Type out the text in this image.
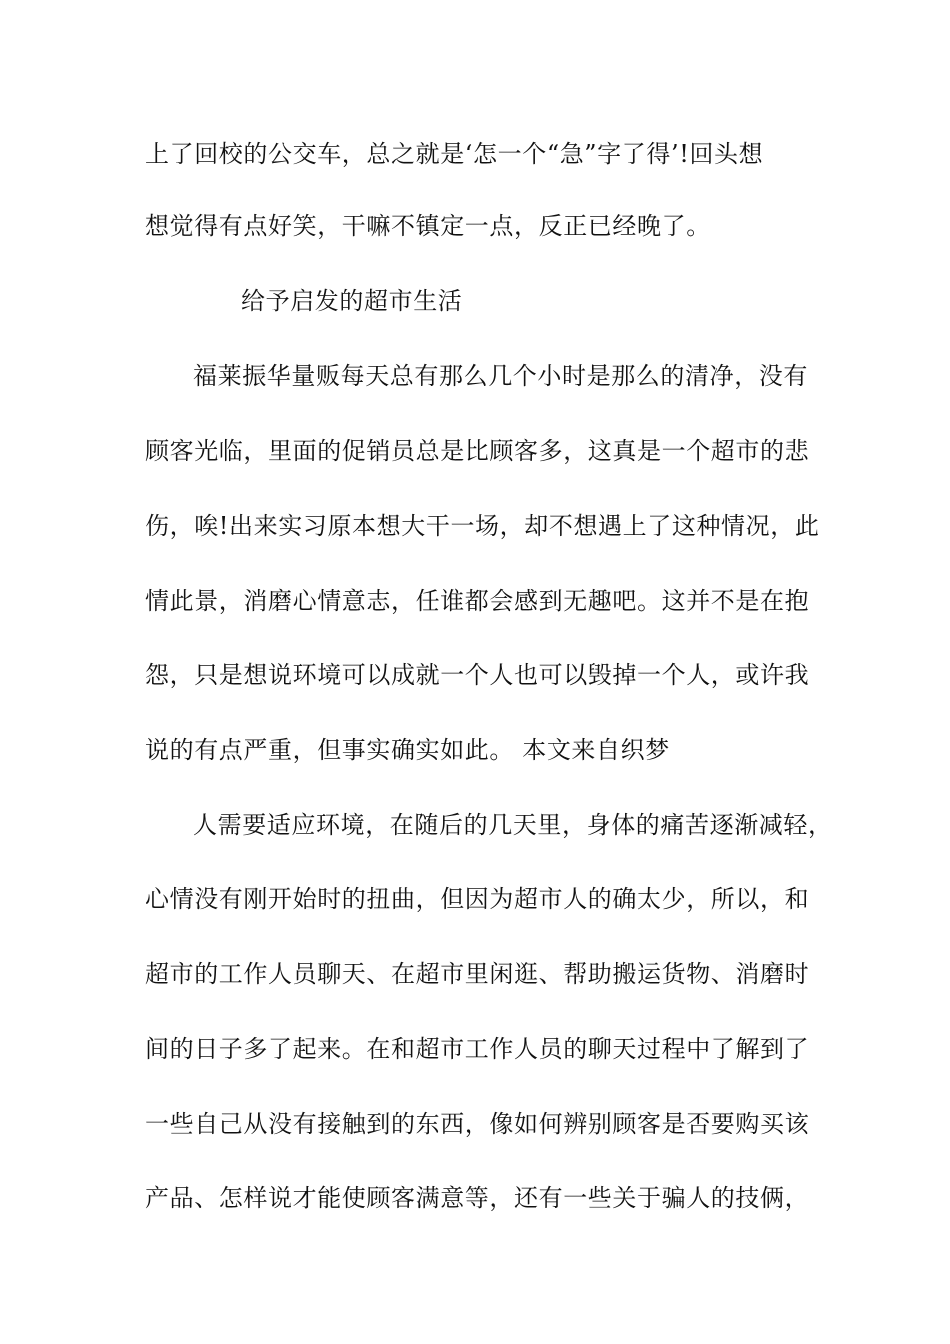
上了回校的公交车，总之就是‘怎一个“急”字了得’!回头想
想觉得有点好笑，干嘛不镇定一点，反正已经晚了。
给予启发的超市生活
福莱振华量贩每天总有那么几个小时是那么的清净，没有
顾客光临，里面的促销员总是比顾客多，这真是一个超市的悲
伤，唉!出来实习原本想大干一场，却不想遇上了这种情况，此
情此景，消磨心情意志，任谁都会感到无趣吧。这并不是在抱
怨，只是想说环境可以成就一个人也可以毁掉一个人，或许我
说的有点严重，但事实确实如此。 本文来自织梦
人需要适应环境，在随后的几天里，身体的痛苦逐渐减轻，
心情没有刚开始时的扭曲，但因为超市人的确太少，所以，和
超市的工作人员聊天、在超市里闲逛、帮助搬运货物、消磨时
间的日子多了起来。在和超市工作人员的聊天过程中了解到了
一些自己从没有接触到的东西，像如何辨别顾客是否要购买该
产品、怎样说才能使顾客满意等，还有一些关于骗人的技俩，
